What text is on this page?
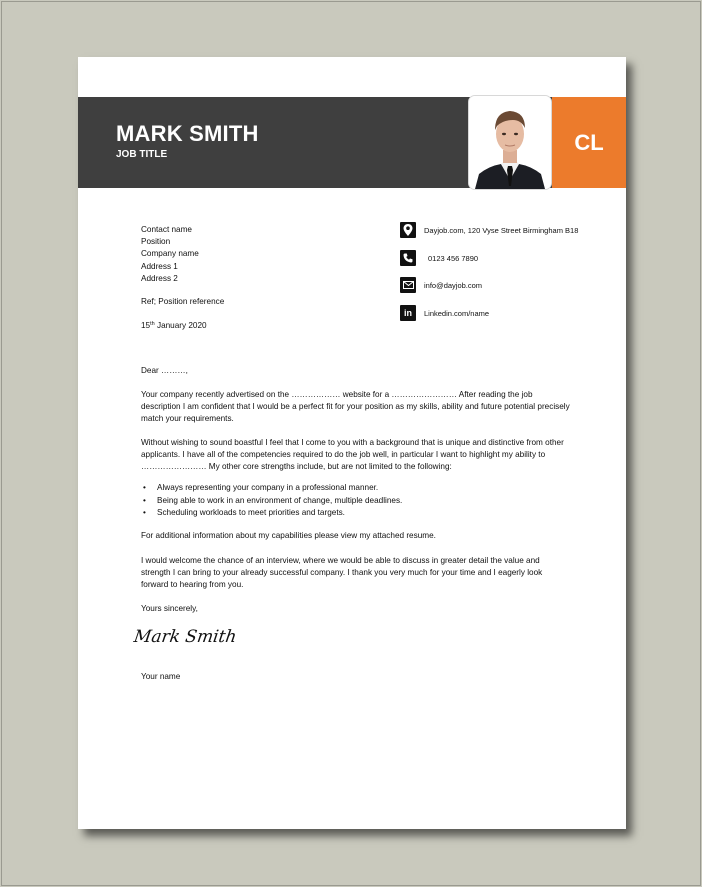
CL
MARK SMITH
JOB TITLE
Contact name
Position
Company name
Address 1
Address 2
Ref; Position reference
15th January 2020
Dayjob.com, 120 Vyse Street Birmingham B18
0123 456 7890
info@dayjob.com
in	Linkedin.com/name
Dear ………,
Your company recently advertised on the ……………… website for a …………………… After reading the job description I am confident that I would be a perfect fit for your position as my skills, ability and future potential precisely match your requirements.
Without wishing to sound boastful I feel that I come to you with a background that is unique and distinctive from other applicants. I have all of the competencies required to do the job well, in particular I want to highlight my ability to …………………… My other core strengths include, but are not limited to the following:
•	Always representing your company in a professional manner.
•	Being able to work in an environment of change, multiple deadlines.
•	Scheduling workloads to meet priorities and targets.
For additional information about my capabilities please view my attached resume.
I would welcome the chance of an interview, where we would be able to discuss in greater detail the value and strength I can bring to your already successful company. I thank you very much for your time and I eagerly look forward to hearing from you.
Yours sincerely,
Mark Smith
Your name
